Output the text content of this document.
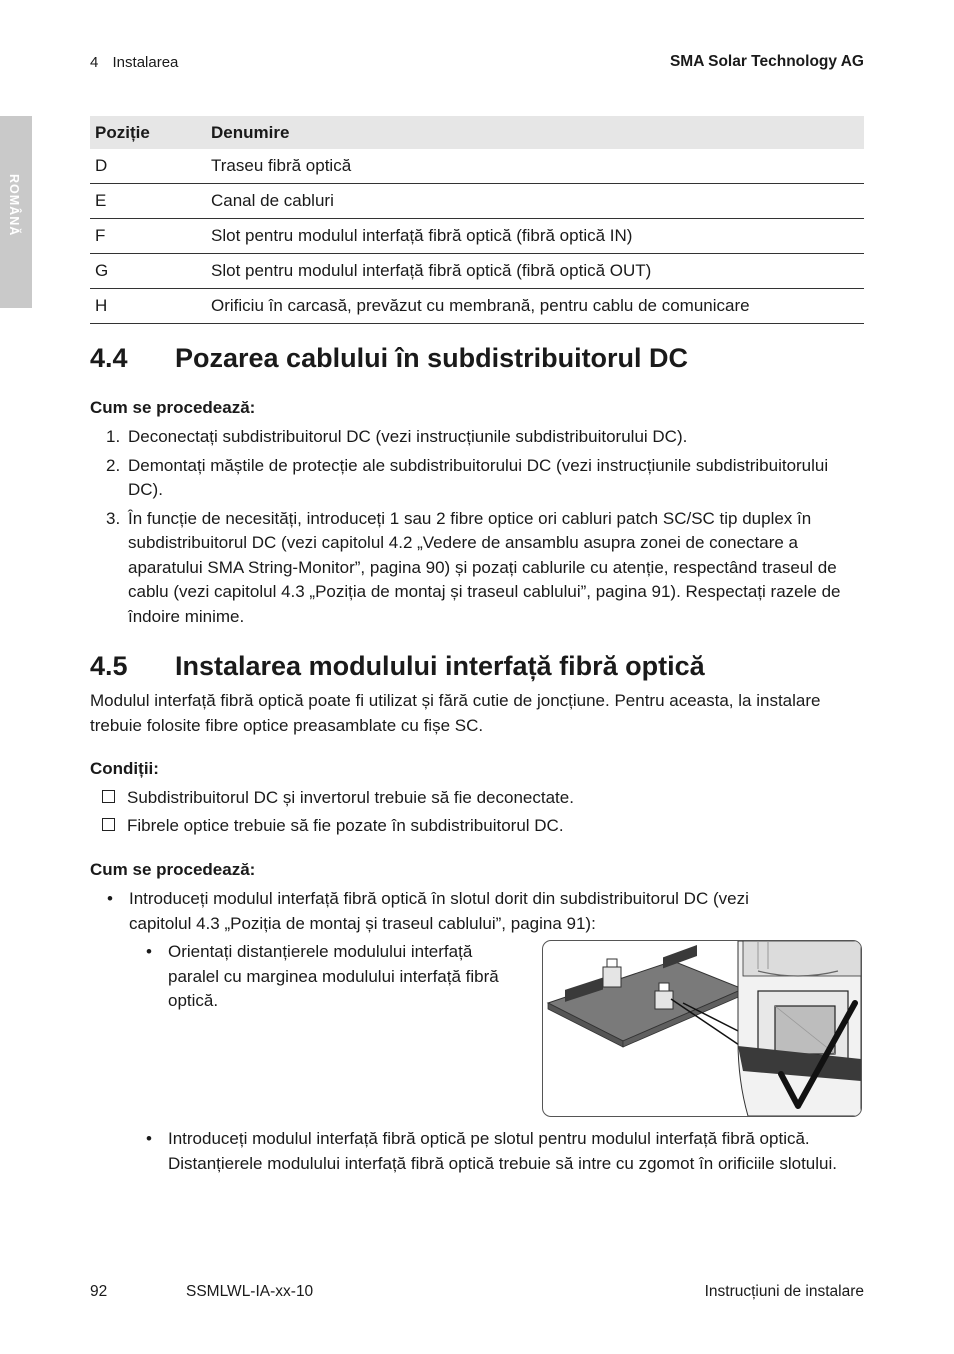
4 Instalarea	SMA Solar Technology AG
ROMÂNĂ
Poziție	Denumire
D	Traseu fibră optică
E	Canal de cabluri
F	Slot pentru modulul interfață fibră optică (fibră optică IN)
G	Slot pentru modulul interfață fibră optică (fibră optică OUT)
H	Orificiu în carcasă, prevăzut cu membrană, pentru cablu de comunicare
4.4 Pozarea cablului în subdistribuitorul DC
Cum se procedează:
1. Deconectați subdistribuitorul DC (vezi instrucțiunile subdistribuitorului DC).
2. Demontați măștile de protecție ale subdistribuitorului DC (vezi instrucțiunile subdistribuitorului DC).
3. În funcție de necesități, introduceți 1 sau 2 fibre optice ori cabluri patch SC/SC tip duplex în subdistribuitorul DC (vezi capitolul 4.2 „Vedere de ansamblu asupra zonei de conectare a aparatului SMA String-Monitor”, pagina 90) și pozați cablurile cu atenție, respectând traseul de cablu (vezi capitolul 4.3 „Poziția de montaj și traseul cablului”, pagina 91). Respectați razele de îndoire minime.
4.5 Instalarea modulului interfață fibră optică
Modulul interfață fibră optică poate fi utilizat și fără cutie de joncțiune. Pentru aceasta, la instalare trebuie folosite fibre optice preasamblate cu fișe SC.
Condiții:
Subdistribuitorul DC și invertorul trebuie să fie deconectate.
Fibrele optice trebuie să fie pozate în subdistribuitorul DC.
Cum se procedează:
• Introduceți modulul interfață fibră optică în slotul dorit din subdistribuitorul DC (vezi capitolul 4.3 „Poziția de montaj și traseul cablului”, pagina 91):
• Orientați distanțierele modulului interfață paralel cu marginea modulului interfață fibră optică.
• Introduceți modulul interfață fibră optică pe slotul pentru modulul interfață fibră optică. Distanțierele modulului interfață fibră optică trebuie să intre cu zgomot în orificiile slotului.
92	SSMLWL-IA-xx-10	Instrucțiuni de instalare
